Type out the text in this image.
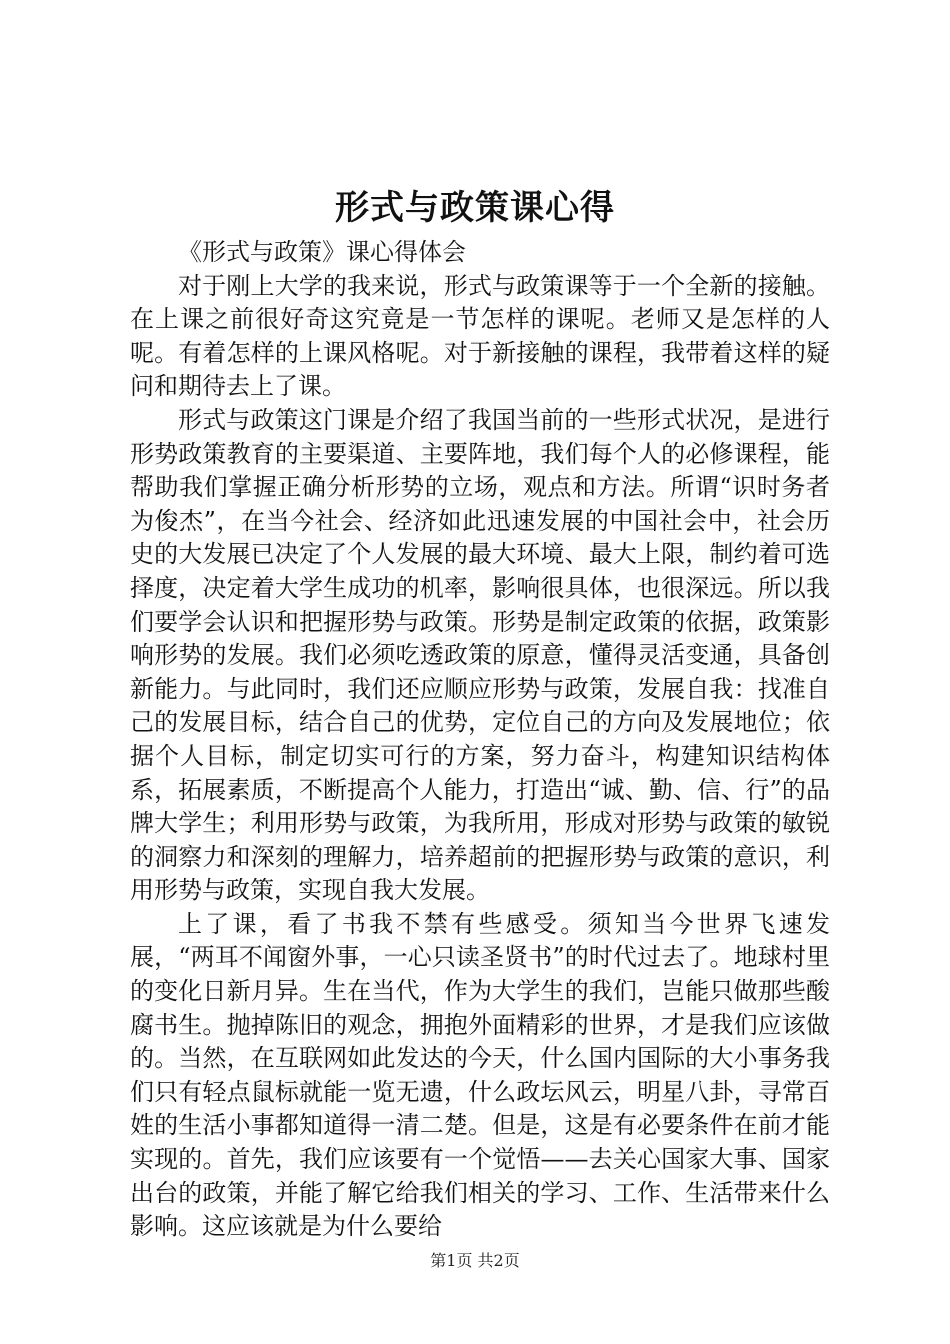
形式与政策课心得

《形式与政策》课心得体会

对于刚上大学的我来说，形式与政策课等于一个全新的接触。在上课之前很好奇这究竟是一节怎样的课呢。老师又是怎样的人呢。有着怎样的上课风格呢。对于新接触的课程，我带着这样的疑问和期待去上了课。

形式与政策这门课是介绍了我国当前的一些形式状况，是进行形势政策教育的主要渠道、主要阵地，我们每个人的必修课程，能帮助我们掌握正确分析形势的立场，观点和方法。所谓“识时务者为俊杰”，在当今社会、经济如此迅速发展的中国社会中，社会历史的大发展已决定了个人发展的最大环境、最大上限，制约着可选择度，决定着大学生成功的机率，影响很具体，也很深远。所以我们要学会认识和把握形势与政策。形势是制定政策的依据，政策影响形势的发展。我们必须吃透政策的原意，懂得灵活变通，具备创新能力。与此同时，我们还应顺应形势与政策，发展自我：找准自己的发展目标，结合自己的优势，定位自己的方向及发展地位；依据个人目标，制定切实可行的方案，努力奋斗，构建知识结构体系，拓展素质，不断提高个人能力，打造出“诚、勤、信、行”的品牌大学生；利用形势与政策，为我所用，形成对形势与政策的敏锐的洞察力和深刻的理解力，培养超前的把握形势与政策的意识，利用形势与政策，实现自我大发展。

上了课，看了书我不禁有些感受。须知当今世界飞速发展，“两耳不闻窗外事，一心只读圣贤书”的时代过去了。地球村里的变化日新月异。生在当代，作为大学生的我们，岂能只做那些酸腐书生。抛掉陈旧的观念，拥抱外面精彩的世界，才是我们应该做的。当然，在互联网如此发达的今天，什么国内国际的大小事务我们只有轻点鼠标就能一览无遗，什么政坛风云，明星八卦，寻常百姓的生活小事都知道得一清二楚。但是，这是有必要条件在前才能实现的。首先，我们应该要有一个觉悟——去关心国家大事、国家出台的政策，并能了解它给我们相关的学习、工作、生活带来什么影响。这应该就是为什么要给

第1页 共2页
